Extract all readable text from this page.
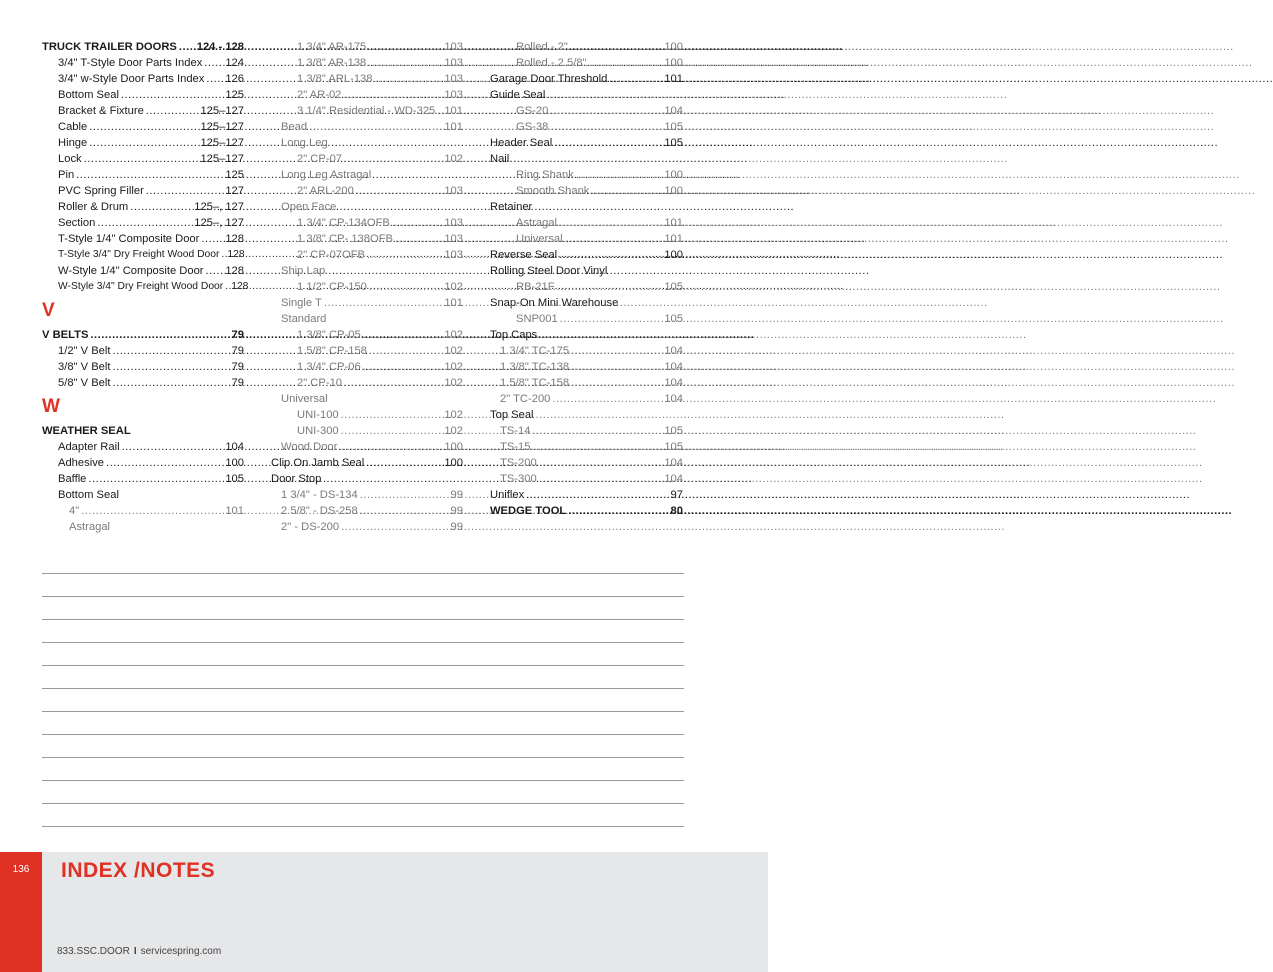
TRUCK TRAILER DOORS ..... 124 - 128
3/4" T-Style Door Parts Index ..... 124
3/4" w-Style Door Parts Index ..... 126
Bottom Seal .....	125
Bracket & Fixture .....	125–127
Cable .....	125–127
Hinge .....	125–127
Lock .....	125–127
Pin .....	125
PVC Spring Filler .....	127
Roller & Drum .....	125–, 127
Section .....	125–, 127
T-Style 1/4" Composite Door ..... 128
T-Style 3/4" Dry Freight Wood Door ..... 128
W-Style 1/4" Composite Door ..... 128
W-Style 3/4" Dry Freight Wood Door ..... 128
V
V BELTS .....	79
1/2" V Belt .....	79
3/8" V Belt .....	79
5/8" V Belt .....	79
W
WEATHER SEAL
Adapter Rail .....	104
Adhesive .....	100
Baffle .....	105
Bottom Seal
4" .....	101
Astragal
1 3/4" AR-175 .....	103
1 3/8" AR-138 .....	103
1 3/8" ARL-138 .....	103
2" AR-02 .....	103
3 1/4" Residential - WD-325 ..... 101
Bead .....	101
Long Leg
2" CP-07 .....	102
Long Leg Astragal
2" ARL-200 .....	103
Open Face
1 3/4" CP-134OFB .....	103
1 3/8" CP- 138OFB .....	103
2" CP-07OFB .....	103
Ship Lap
1 1/2" CP-150 .....	102
Single T .....	101
Standard
1 3/8" CP-05 .....	102
1 5/8" CP-158 .....	102
1 3/4" CP-06 .....	102
2" CP-10 .....	102
Universal
UNI-100 .....	102
UNI-300 .....	102
Wood Door .....	100
Clip On Jamb Seal .....	100
Door Stop
1 3/4" - DS-134 .....	99
2 5/8" - DS-258 .....	99
2" - DS-200 .....	99
Rolled - 2" .....	100
Rolled - 2 5/8" .....	100
Garage Door Threshold .....	101
Guide Seal
GS-20 .....	104
GS-38 .....	105
Header Seal .....	105
Nail
Ring Shank .....	100
Smooth Shank .....	100
Retainer
Astragal .....	101
Universal .....	101
Reverse Seal .....	100
Rolling Steel Door Vinyl
RB-21F .....	105
Snap-On Mini Warehouse
SNP001 .....	105
Top Caps
1 3/4" TC-175 .....	104
1 3/8" TC-138 .....	104
1 5/8" TC-158 .....	104
2" TC-200 .....	104
Top Seal
TS-14 .....	105
TS-15 .....	105
TS-200 .....	104
TS-300 .....	104
Uniflex .....	97
WEDGE TOOL .....	80
136	INDEX /NOTES
833.SSC.DOOR I servicespring.com
